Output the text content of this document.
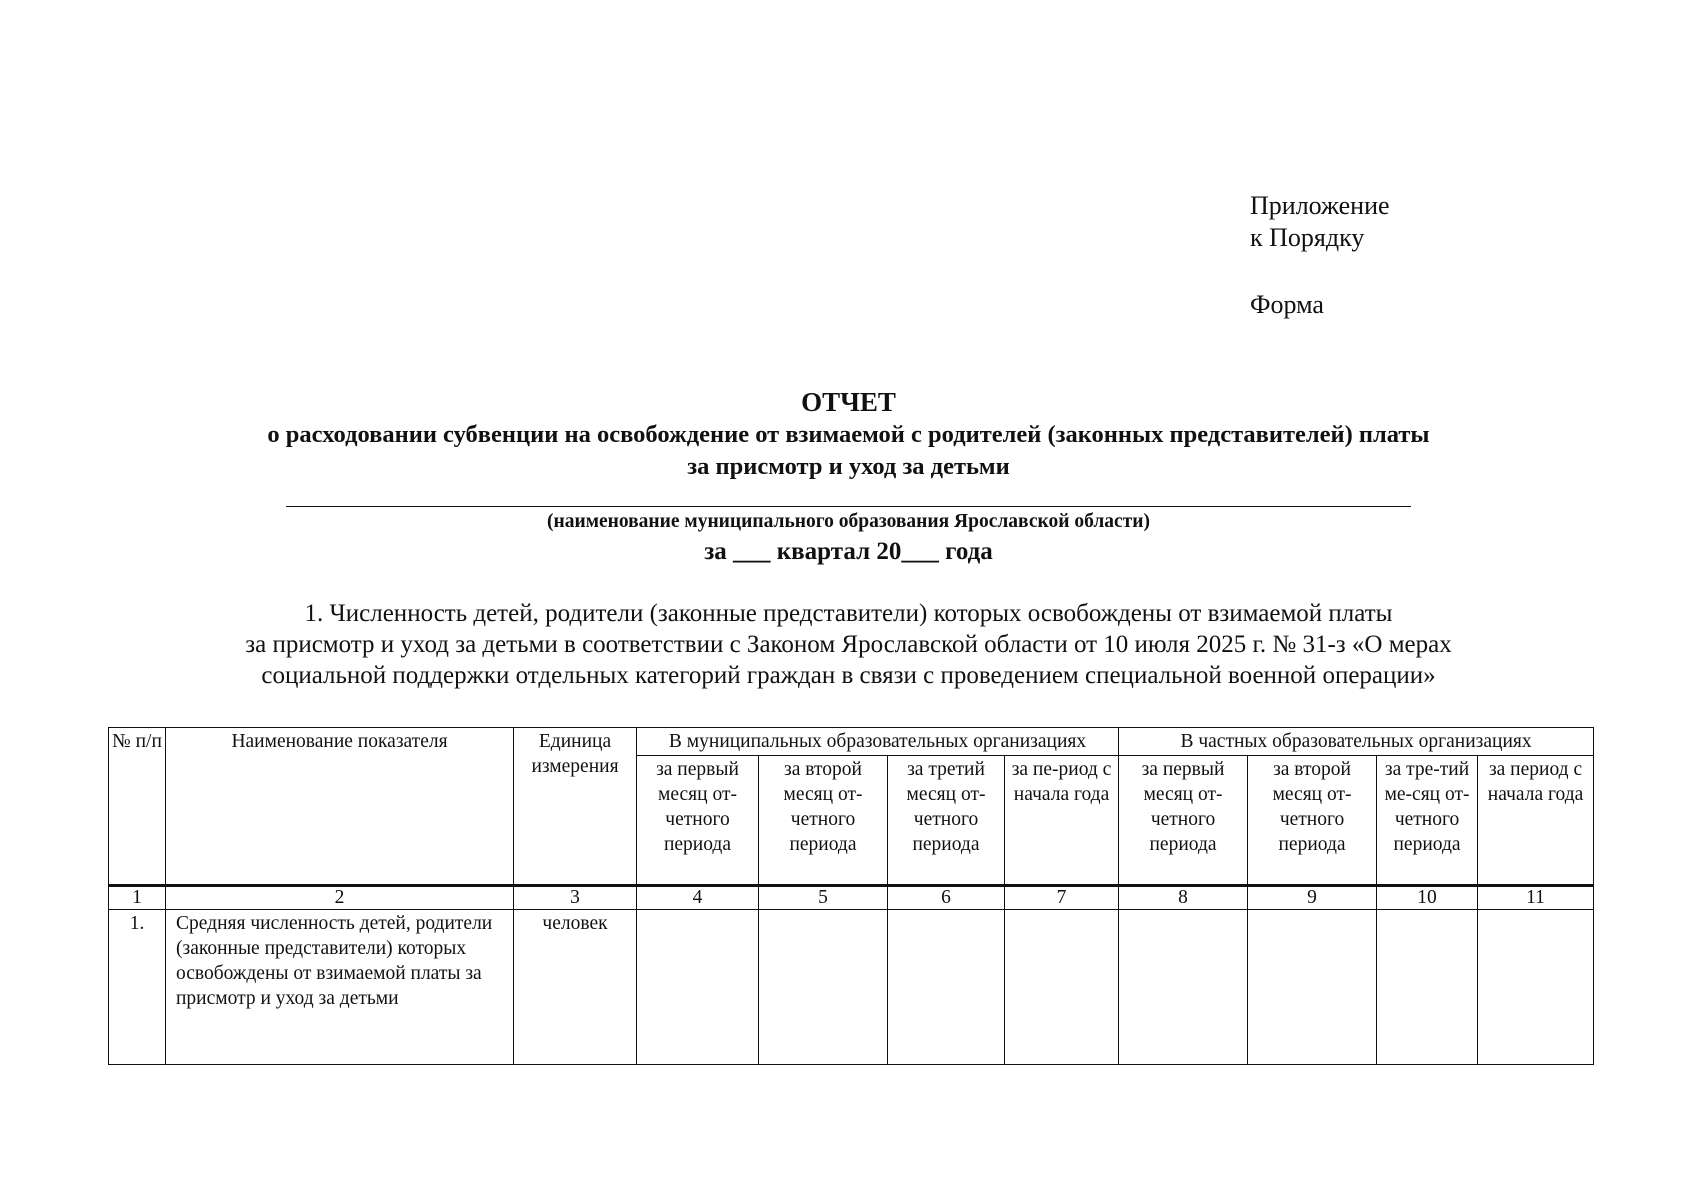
Приложение
к Порядку
Форма
ОТЧЕТ
о расходовании субвенции на освобождение от взимаемой с родителей (законных представителей) платы
за присмотр и уход за детьми
(наименование муниципального образования Ярославской области)
за ___ квартал 20___ года
1. Численность детей, родители (законные представители) которых освобождены от взимаемой платы
за присмотр и уход за детьми в соответствии с Законом Ярославской области от 10 июля 2025 г. № 31-з «О мерах
социальной поддержки отдельных категорий граждан в связи с проведением специальной военной операции»
№ п/п	Наименование показателя	Единица измерения	В муниципальных образовательных организациях				В частных образовательных организациях			
			за первый месяц от-четного периода	за второй месяц от-четного периода	за третий месяц от-четного периода	за пе-риод с начала года	за первый месяц от-четного периода	за второй месяц от-четного периода	за тре-тий ме-сяц от-четного периода	за период с начала года
1	2	3	4	5	6	7	8	9	10	11
1.	Средняя численность детей, родители (законные представители) которых освобождены от взимаемой платы за присмотр и уход за детьми	человек								
